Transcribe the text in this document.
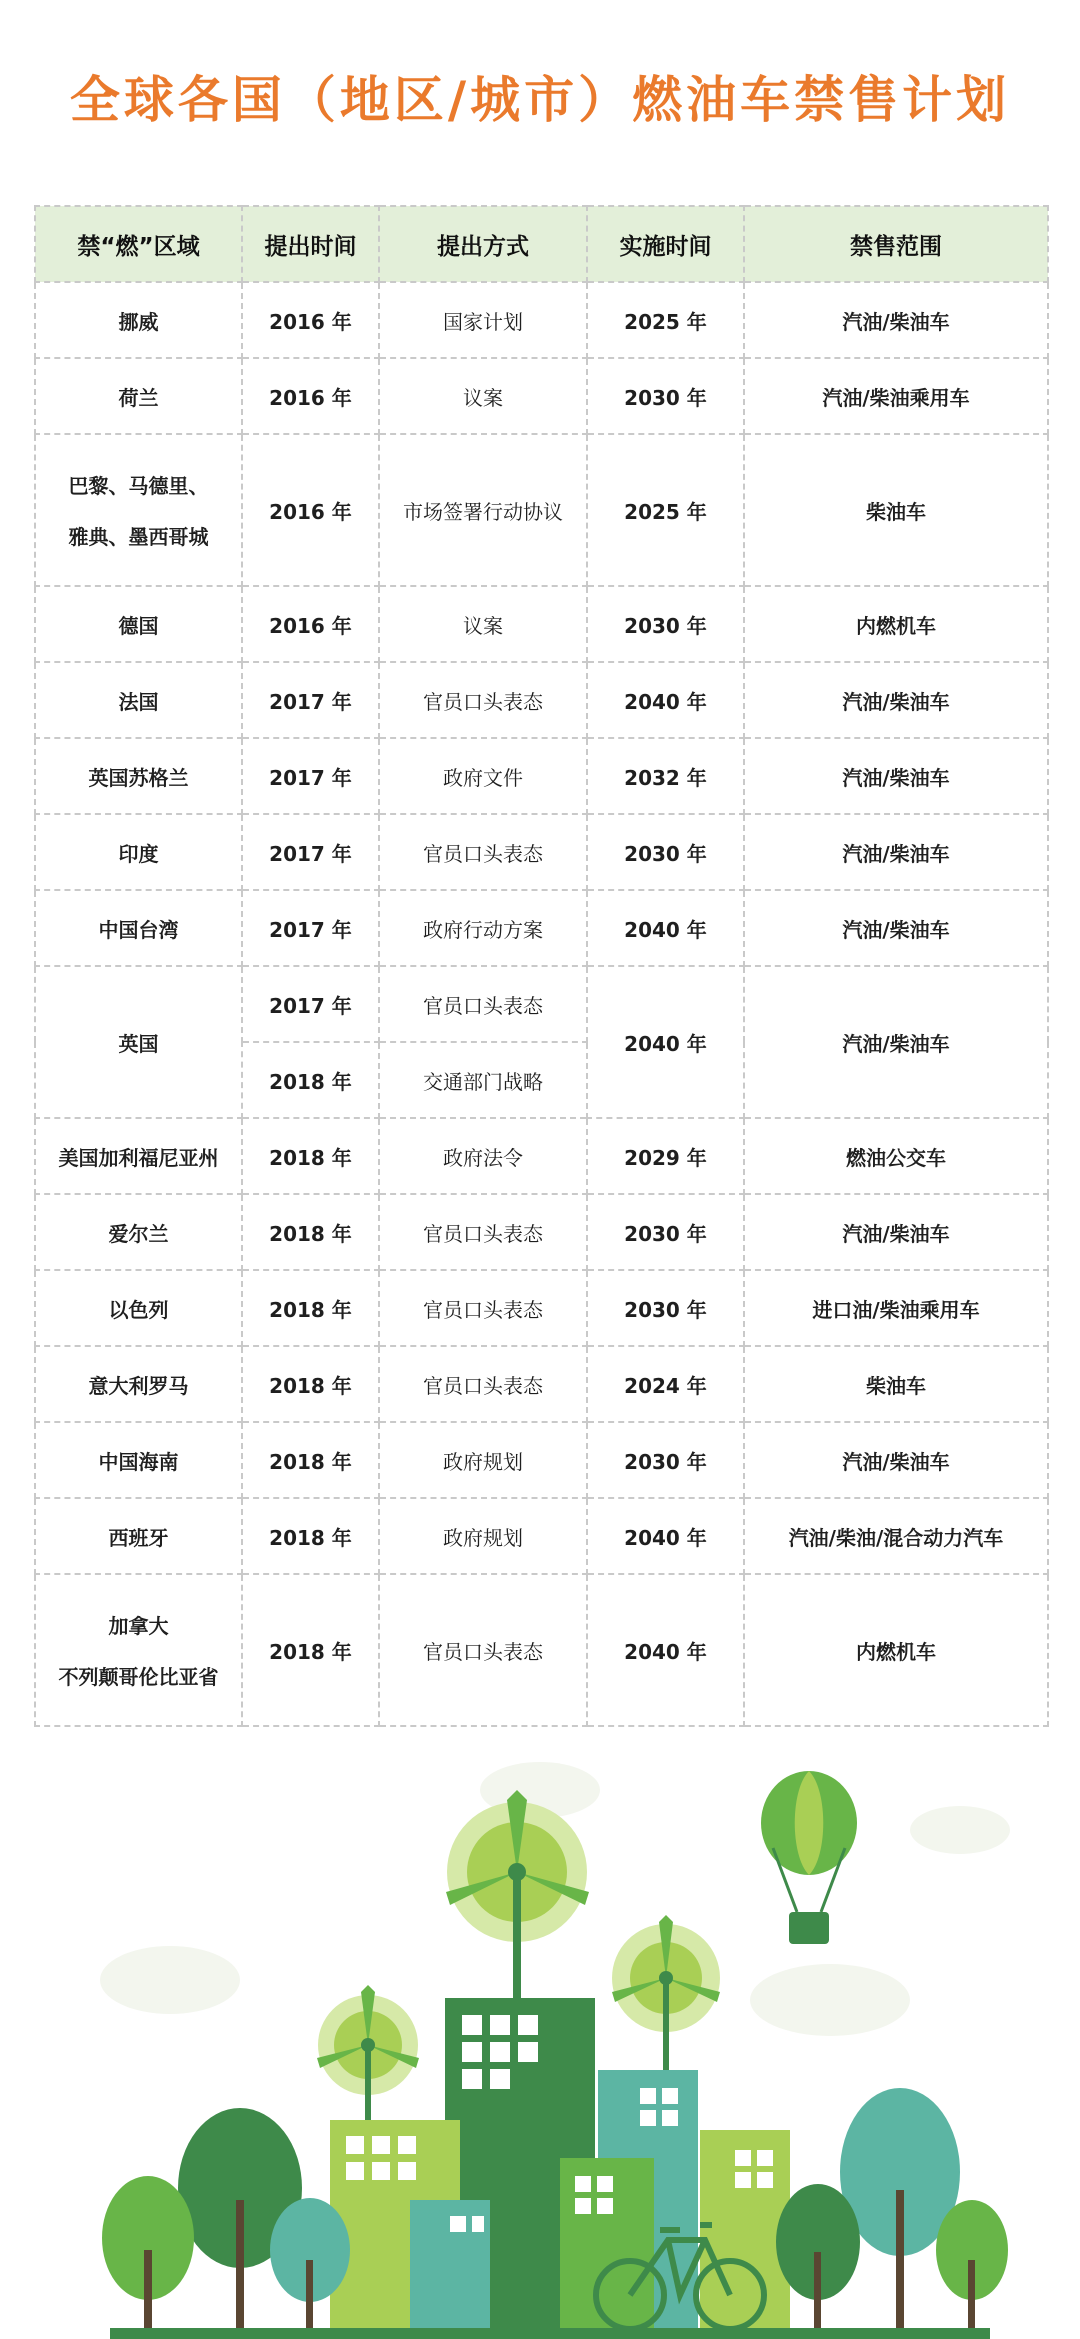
全球各国（地区/城市）燃油车禁售计划
禁“燃”区域	提出时间	提出方式	实施时间	禁售范围
挪威	2016 年	国家计划	2025 年	汽油/柴油车
荷兰	2016 年	议案	2030 年	汽油/柴油乘用车

巴黎、马德里、
雅典、墨西哥城	2016 年	市场签署行动协议	2025 年	柴油车
德国	2016 年	议案	2030 年	内燃机车
法国	2017 年	官员口头表态	2040 年	汽油/柴油车
英国苏格兰	2017 年	政府文件	2032 年	汽油/柴油车
印度	2017 年	官员口头表态	2030 年	汽油/柴油车
中国台湾	2017 年	政府行动方案	2040 年	汽油/柴油车
英国	2017 年	官员口头表态	2040 年	汽油/柴油车
	2018 年	交通部门战略		
美国加利福尼亚州	2018 年	政府法令	2029 年	燃油公交车
爱尔兰	2018 年	官员口头表态	2030 年	汽油/柴油车
以色列	2018 年	官员口头表态	2030 年	进口油/柴油乘用车
意大利罗马	2018 年	官员口头表态	2024 年	柴油车
中国海南	2018 年	政府规划	2030 年	汽油/柴油车
西班牙	2018 年	政府规划	2040 年	汽油/柴油/混合动力汽车

加拿大
不列颠哥伦比亚省	2018 年	官员口头表态	2040 年	内燃机车
